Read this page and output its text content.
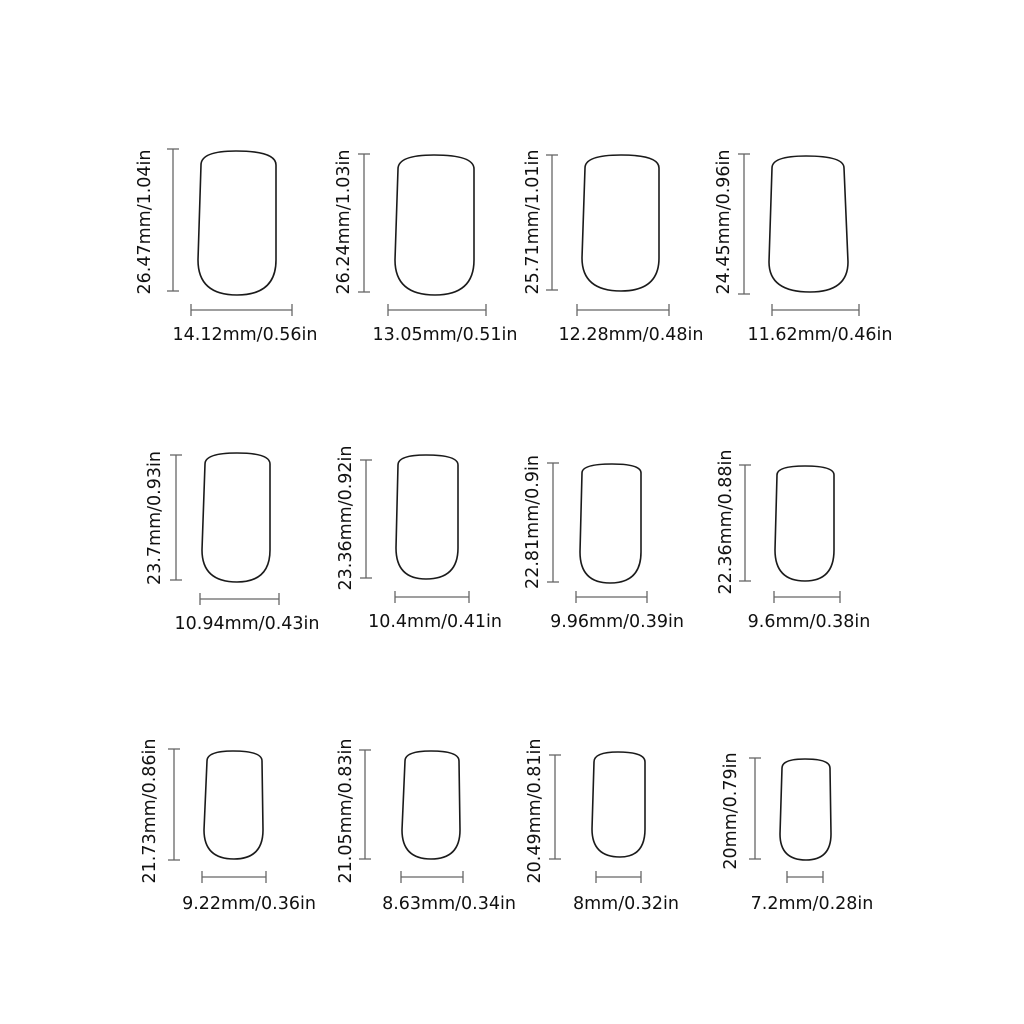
26.47mm/1.04in
14.12mm/0.56in
26.24mm/1.03in
13.05mm/0.51in
25.71mm/1.01in
12.28mm/0.48in
24.45mm/0.96in
11.62mm/0.46in
23.7mm/0.93in
10.94mm/0.43in
23.36mm/0.92in
10.4mm/0.41in
22.81mm/0.9in
9.96mm/0.39in
22.36mm/0.88in
9.6mm/0.38in
21.73mm/0.86in
9.22mm/0.36in
21.05mm/0.83in
8.63mm/0.34in
20.49mm/0.81in
8mm/0.32in
20mm/0.79in
7.2mm/0.28in
